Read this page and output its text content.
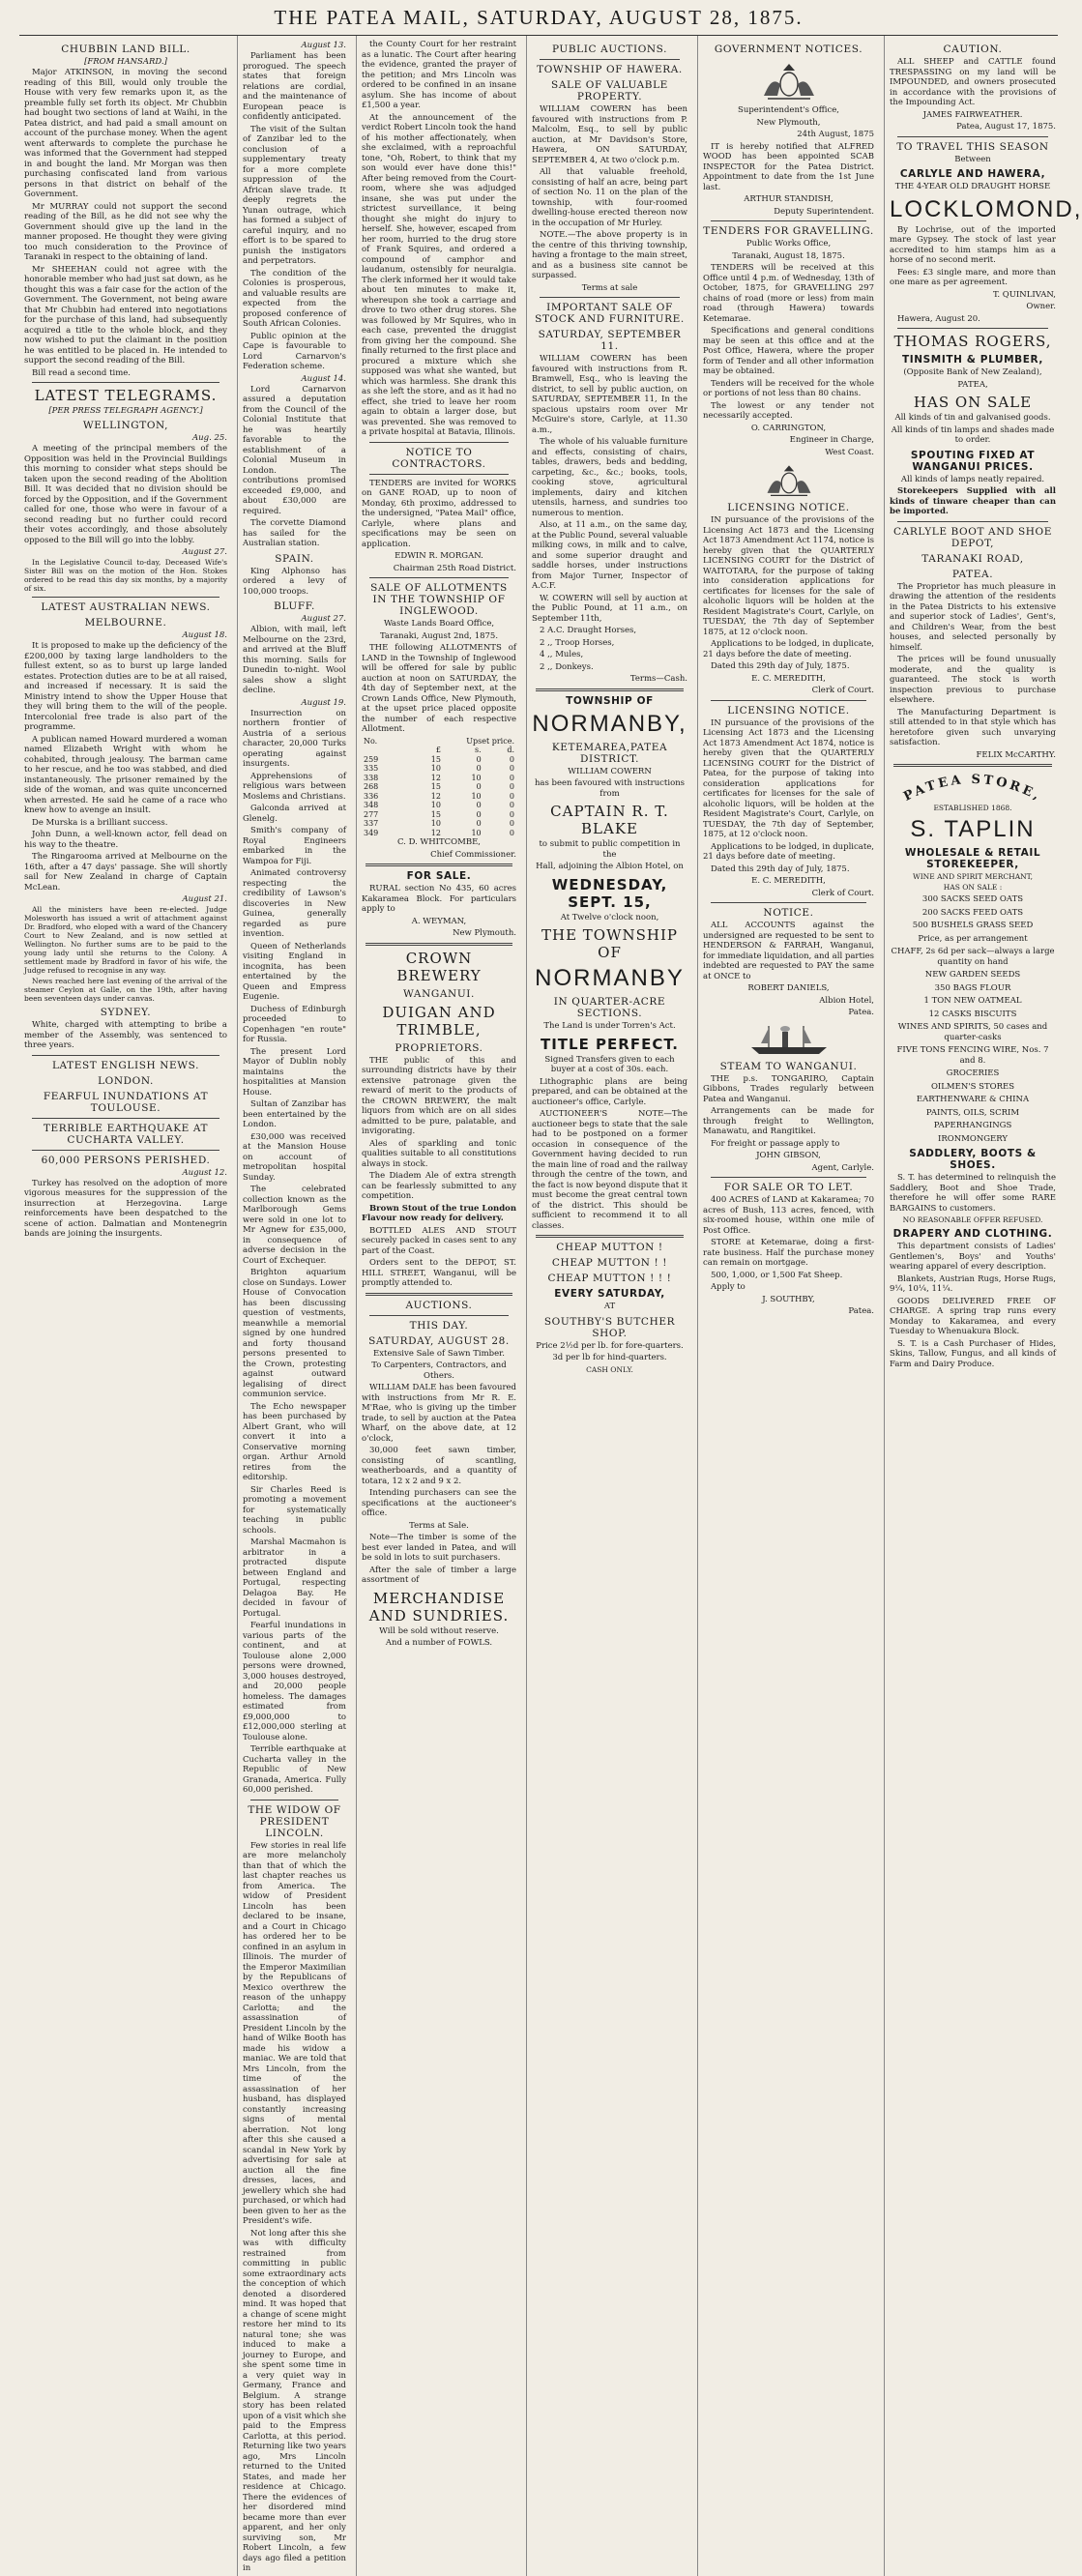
THE PATEA MAIL, SATURDAY, AUGUST 28, 1875.
CHUBBIN LAND BILL.
[FROM HANSARD.]

Major ATKINSON, in moving the second reading of this Bill, would only trouble the House with very few remarks upon it, as the preamble fully set forth its object. Mr Chubbin had bought two sections of land at Waihi, in the Patea district, and had paid a small amount on account of the purchase money. When the agent went afterwards to complete the purchase he was informed that the Government had stepped in and bought the land. Mr Morgan was then purchasing confiscated land from various persons in that district on behalf of the Government.

Mr MURRAY could not support the second reading of the Bill, as he did not see why the Government should give up the land in the manner proposed. He thought they were giving too much consideration to the Province of Taranaki in respect to the obtaining of land.

Mr SHEEHAN could not agree with the honorable member who had just sat down, as he thought this was a fair case for the action of the Government. The Government, not being aware that Mr Chubbin had entered into negotiations for the purchase of this land, had subsequently acquired a title to the whole block, and they now wished to put the claimant in the position he was entitled to be placed in. He intended to support the second reading of the Bill.

Bill read a second time.

LATEST TELEGRAMS.
[PER PRESS TELEGRAPH AGENCY.]
WELLINGTON,
Aug. 25.

A meeting of the principal members of the Opposition was held in the Provincial Buildings this morning to consider what steps should be taken upon the second reading of the Abolition Bill. It was decided that no division should be forced by the Opposition, and if the Government called for one, those who were in favour of a second reading but no further could record their votes accordingly, and those absolutely opposed to the Bill will go into the lobby.

August 27.

In the Legislative Council to-day, Deceased Wife's Sister Bill was on the motion of the Hon. Stokes ordered to be read this day six months, by a majority of six.

LATEST AUSTRALIAN NEWS.
MELBOURNE.
August 18.

It is proposed to make up the deficiency of the £200,000 by taxing large landholders to the fullest extent, so as to burst up large landed estates. Protection duties are to be at all raised, and increased if necessary. It is said the Ministry intend to show the Upper House that they will bring them to the will of the people. Intercolonial free trade is also part of the programme.

A publican named Howard murdered a woman named Elizabeth Wright with whom he cohabited, through jealousy. The barman came to her rescue, and he too was stabbed, and died instantaneously. The prisoner remained by the side of the woman, and was quite unconcerned when arrested. He said he came of a race who knew how to avenge an insult.

De Murska is a brilliant success.

John Dunn, a well-known actor, fell dead on his way to the theatre.

The Ringarooma arrived at Melbourne on the 16th, after a 47 days' passage. She will shortly sail for New Zealand in charge of Captain McLean.

August 21.

All the ministers have been re-elected. Judge Molesworth has issued a writ of attachment against Dr. Bradford, who eloped with a ward of the Chancery Court to New Zealand, and is now settled at Wellington. No further sums are to be paid to the young lady until she returns to the Colony. A settlement made by Bradford in favor of his wife, the Judge refused to recognise in any way.

News reached here last evening of the arrival of the steamer Ceylon at Galle, on the 19th, after having been seventeen days under canvas.

SYDNEY.

White, charged with attempting to bribe a member of the Assembly, was sentenced to three years.

LATEST ENGLISH NEWS.
LONDON.
FEARFUL INUNDATIONS AT TOULOUSE.
TERRIBLE EARTHQUAKE AT CUCHARTA VALLEY.
60,000 PERSONS PERISHED.
August 12.

Turkey has resolved on the adoption of more vigorous measures for the suppression of the insurrection at Herzegovina. Large reinforcements have been despatched to the scene of action. Dalmatian and Montenegrin bands are joining the insurgents.

August 13.

Parliament has been prorogued. The speech states that foreign relations are cordial, and the maintenance of European peace is confidently anticipated.

The visit of the Sultan of Zanzibar led to the conclusion of a supplementary treaty for a more complete suppression of the African slave trade. It deeply regrets the Yunan outrage, which has formed a subject of careful inquiry, and no effort is to be spared to punish the instigators and perpetrators.

The condition of the Colonies is prosperous, and valuable results are expected from the proposed conference of South African Colonies.

Public opinion at the Cape is favourable to Lord Carnarvon's Federation scheme.

August 14.

Lord Carnarvon assured a deputation from the Council of the Colonial Institute that he was heartily favorable to the establishment of a Colonial Museum in London. The contributions promised exceeded £9,000, and about £30,000 are required.

The corvette Diamond has sailed for the Australian station.

SPAIN.

King Alphonso has ordered a levy of 100,000 troops.

BLUFF.
August 27.

Albion, with mail, left Melbourne on the 23rd, and arrived at the Bluff this morning. Sails for Dunedin to-night. Wool sales show a slight decline.

August 19.

Insurrection on northern frontier of Austria of a serious character, 20,000 Turks operating against insurgents.

Apprehensions of religious wars between Moslems and Christians.

Galconda arrived at Glenelg.

Smith's company of Royal Engineers embarked in the Wampoa for Fiji.

Animated controversy respecting the credibility of Lawson's discoveries in New Guinea, generally regarded as pure invention.

Queen of Netherlands visiting England in incognita, has been entertained by the Queen and Empress Eugenie.

Duchess of Edinburgh proceeded to Copenhagen "en route" for Russia.

The present Lord Mayor of Dublin nobly maintains the hospitalities at Mansion House.

Sultan of Zanzibar has been entertained by the London.

£30,000 was received at the Mansion House on account of metropolitan hospital Sunday.

The celebrated collection known as the Marlborough Gems were sold in one lot to Mr Agnew for £35,000, in consequence of adverse decision in the Court of Exchequer.

Brighton aquarium close on Sundays. Lower House of Convocation has been discussing question of vestments, meanwhile a memorial signed by one hundred and forty thousand persons presented to the Crown, protesting against outward legalising of direct communion service.

The Echo newspaper has been purchased by Albert Grant, who will convert it into a Conservative morning organ. Arthur Arnold retires from the editorship.

Sir Charles Reed is promoting a movement for systematically teaching in public schools.

Marshal Macmahon is arbitrator in a protracted dispute between England and Portugal, respecting Delagoa Bay. He decided in favour of Portugal.

Fearful inundations in various parts of the continent, and at Toulouse alone 2,000 persons were drowned, 3,000 houses destroyed, and 20,000 people homeless. The damages estimated from £9,000,000 to £12,000,000 sterling at Toulouse alone.

Terrible earthquake at Cucharta valley in the Republic of New Granada, America. Fully 60,000 perished.

THE WIDOW OF PRESIDENT LINCOLN.

Few stories in real life are more melancholy than that of which the last chapter reaches us from America. The widow of President Lincoln has been declared to be insane, and a Court in Chicago has ordered her to be confined in an asylum in Illinois. The murder of the Emperor Maximilian by the Republicans of Mexico overthrew the reason of the unhappy Carlotta; and the assassination of President Lincoln by the hand of Wilke Booth has made his widow a maniac. We are told that Mrs Lincoln, from the time of the assassination of her husband, has displayed constantly increasing signs of mental aberration. Not long after this she caused a scandal in New York by advertising for sale at auction all the fine dresses, laces, and jewellery which she had purchased, or which had been given to her as the President's wife.

Not long after this she was with difficulty restrained from committing in public some extraordinary acts the conception of which denoted a disordered mind. It was hoped that a change of scene might restore her mind to its natural tone; she was induced to make a journey to Europe, and she spent some time in a very quiet way in Germany, France and Belgium. A strange story has been related upon of a visit which she paid to the Empress Carlotta, at this period. Returning like two years ago, Mrs Lincoln returned to the United States, and made her residence at Chicago. There the evidences of her disordered mind became more than ever apparent, and her only surviving son, Mr Robert Lincoln, a few days ago filed a petition in

the County Court for her restraint as a lunatic. The Court after hearing the evidence, granted the prayer of the petition; and Mrs Lincoln was ordered to be confined in an insane asylum. She has income of about £1,500 a year.

At the announcement of the verdict Robert Lincoln took the hand of his mother affectionately, when she exclaimed, with a reproachful tone, "Oh, Robert, to think that my son would ever have done this!" After being removed from the Court-room, where she was adjudged insane, she was put under the strictest surveillance, it being thought she might do injury to herself. She, however, escaped from her room, hurried to the drug store of Frank Squires, and ordered a compound of camphor and laudanum, ostensibly for neuralgia. The clerk informed her it would take about ten minutes to make it, whereupon she took a carriage and drove to two other drug stores. She was followed by Mr Squires, who in each case, prevented the druggist from giving her the compound. She finally returned to the first place and procured a mixture which she supposed was what she wanted, but which was harmless. She drank this as she left the store, and as it had no effect, she tried to leave her room again to obtain a larger dose, but was prevented. She was removed to a private hospital at Batavia, Illinois.

NOTICE TO CONTRACTORS.

TENDERS are invited for WORKS on GANE ROAD, up to noon of Monday, 6th proximo, addressed to the undersigned, "Patea Mail" office, Carlyle, where plans and specifications may be seen on application.

EDWIN R. MORGAN.

Chairman 25th Road District.

SALE OF ALLOTMENTS IN THE TOWNSHIP OF INGLEWOOD.

Waste Lands Board Office,

Taranaki, August 2nd, 1875.

THE following ALLOTMENTS of LAND in the Township of Inglewood will be offered for sale by public auction at noon on SATURDAY, the 4th day of September next, at the Crown Lands Office, New Plymouth, at the upset price placed opposite the number of each respective Allotment.

No.	Upset price.		
	£	s.	d.
259	15	0	0
335	10	0	0
338	12	10	0
268	15	0	0
336	12	10	0
348	10	0	0
277	15	0	0
337	10	0	0
349	12	10	0

C. D. WHITCOMBE,

Chief Commissioner.

FOR SALE.

RURAL section No 435, 60 acres Kakaramea Block. For particulars apply to

A. WEYMAN,

New Plymouth.

CROWN BREWERY
WANGANUI.
DUIGAN AND TRIMBLE,
PROPRIETORS.

THE public of this and surrounding districts have by their extensive patronage given the reward of merit to the products of the CROWN BREWERY, the malt liquors from which are on all sides admitted to be pure, palatable, and invigorating.

Ales of sparkling and tonic qualities suitable to all constitutions always in stock.

The Diadem Ale of extra strength can be fearlessly submitted to any competition.

Brown Stout of the true London Flavour now ready for delivery.

BOTTLED ALES AND STOUT securely packed in cases sent to any part of the Coast.

Orders sent to the DEPOT, ST. HILL STREET, Wanganui, will be promptly attended to.

AUCTIONS.
THIS DAY.
SATURDAY, AUGUST 28.

Extensive Sale of Sawn Timber.

To Carpenters, Contractors, and Others.

WILLIAM DALE has been favoured with instructions from Mr R. E. M'Rae, who is giving up the timber trade, to sell by auction at the Patea Wharf, on the above date, at 12 o'clock,

30,000 feet sawn timber, consisting of scantling, weatherboards, and a quantity of totara, 12 x 2 and 9 x 2.

Intending purchasers can see the specifications at the auctioneer's office.

Terms at Sale.

Note—The timber is some of the best ever landed in Patea, and will be sold in lots to suit purchasers.

After the sale of timber a large assortment of

MERCHANDISE AND SUNDRIES.

Will be sold without reserve.

And a number of FOWLS.

PUBLIC AUCTIONS.
TOWNSHIP OF HAWERA.
SALE OF VALUABLE PROPERTY.

WILLIAM COWERN has been favoured with instructions from P. Malcolm, Esq., to sell by public auction, at Mr Davidson's Store, Hawera, ON SATURDAY, SEPTEMBER 4, At two o'clock p.m.

All that valuable freehold, consisting of half an acre, being part of section No. 11 on the plan of the township, with four-roomed dwelling-house erected thereon now in the occupation of Mr Hurley.

NOTE.—The above property is in the centre of this thriving township, having a frontage to the main street, and as a business site cannot be surpassed.

Terms at sale

IMPORTANT SALE OF STOCK AND FURNITURE.
SATURDAY, SEPTEMBER 11.

WILLIAM COWERN has been favoured with instructions from R. Bramwell, Esq., who is leaving the district, to sell by public auction, on SATURDAY, SEPTEMBER 11, In the spacious upstairs room over Mr McGuire's store, Carlyle, at 11.30 a.m.,

The whole of his valuable furniture and effects, consisting of chairs, tables, drawers, beds and bedding, carpeting, &c., &c.; books, tools, cooking stove, agricultural implements, dairy and kitchen utensils, harness, and sundries too numerous to mention.

Also, at 11 a.m., on the same day, at the Public Pound, several valuable milking cows, in milk and to calve, and some superior draught and saddle horses, under instructions from Major Turner, Inspector of A.C.F.

W. COWERN will sell by auction at the Public Pound, at 11 a.m., on September 11th,

2 A.C. Draught Horses,

2 ,, Troop Horses,

4 ,, Mules,

2 ,, Donkeys.

Terms—Cash.

TOWNSHIP OF
NORMANBY,
KETEMAREA,PATEA DISTRICT.

WILLIAM COWERN

has been favoured with instructions from

CAPTAIN R. T. BLAKE

to submit to public competition in the

Hall, adjoining the Albion Hotel, on

WEDNESDAY, SEPT. 15,

At Twelve o'clock noon,

THE TOWNSHIP OF
NORMANBY
IN QUARTER-ACRE SECTIONS.

The Land is under Torren's Act.

TITLE PERFECT.

Signed Transfers given to each buyer at a cost of 30s. each.

Lithographic plans are being prepared, and can be obtained at the auctioneer's office, Carlyle.

AUCTIONEER'S NOTE—The auctioneer begs to state that the sale had to be postponed on a former occasion in consequence of the Government having decided to run the main line of road and the railway through the centre of the town, and the fact is now beyond dispute that it must become the great central town of the district. This should be sufficient to recommend it to all classes.

CHEAP MUTTON !
CHEAP MUTTON ! !
CHEAP MUTTON ! ! !
EVERY SATURDAY,

AT

SOUTHBY'S BUTCHER SHOP.

Price 2½d per lb. for fore-quarters.

3d per lb for hind-quarters.

CASH ONLY.

GOVERNMENT NOTICES.

Superintendent's Office,

New Plymouth,

24th August, 1875

IT is hereby notified that ALFRED WOOD has been appointed SCAB INSPECTOR for the Patea District. Appointment to date from the 1st June last.

ARTHUR STANDISH,

Deputy Superintendent.

TENDERS FOR GRAVELLING.

Public Works Office,

Taranaki, August 18, 1875.

TENDERS will be received at this Office until 4 p.m. of Wednesday, 13th of October, 1875, for GRAVELLING 297 chains of road (more or less) from main road (through Hawera) towards Ketemarae.

Specifications and general conditions may be seen at this office and at the Post Office, Hawera, where the proper form of Tender and all other information may be obtained.

Tenders will be received for the whole or portions of not less than 80 chains.

The lowest or any tender not necessarily accepted.

O. CARRINGTON,

Engineer in Charge,

West Coast.

LICENSING NOTICE.

IN pursuance of the provisions of the Licensing Act 1873 and the Licensing Act 1873 Amendment Act 1174, notice is hereby given that the QUARTERLY LICENSING COURT for the District of WAITOTARA, for the purpose of taking into consideration applications for certificates for licenses for the sale of alcoholic liquors will be holden at the Resident Magistrate's Court, Carlyle, on TUESDAY, the 7th day of September 1875, at 12 o'clock noon.

Applications to be lodged, in duplicate, 21 days before the date of meeting.

Dated this 29th day of July, 1875.

E. C. MEREDITH,

Clerk of Court.

LICENSING NOTICE.

IN pursuance of the provisions of the Licensing Act 1873 and the Licensing Act 1873 Amendment Act 1874, notice is hereby given that the QUARTERLY LICENSING COURT for the District of Patea, for the purpose of taking into consideration applications for certificates for licenses for the sale of alcoholic liquors, will be holden at the Resident Magistrate's Court, Carlyle, on TUESDAY, the 7th day of September, 1875, at 12 o'clock noon.

Applications to be lodged, in duplicate, 21 days before date of meeting.

Dated this 29th day of July, 1875.

E. C. MEREDITH,

Clerk of Court.

NOTICE.

ALL ACCOUNTS against the undersigned are requested to be sent to HENDERSON & FARRAH, Wanganui, for immediate liquidation, and all parties indebted are requested to PAY the same at ONCE to

ROBERT DANIELS,

Albion Hotel,

Patea.

STEAM TO WANGANUI.

THE p.s. TONGARIRO, Captain Gibbons, Trades regularly between Patea and Wanganui.

Arrangements can be made for through freight to Wellington, Manawatu, and Rangitikei.

For freight or passage apply to

JOHN GIBSON,

Agent, Carlyle.

FOR SALE OR TO LET.

400 ACRES of LAND at Kakaramea; 70 acres of Bush, 113 acres, fenced, with six-roomed house, within one mile of Post Office.

STORE at Ketemarae, doing a first-rate business. Half the purchase money can remain on mortgage.

500, 1,000, or 1,500 Fat Sheep.

Apply to

J. SOUTHBY,

Patea.

CAUTION.

ALL SHEEP and CATTLE found TRESPASSING on my land will be IMPOUNDED, and owners prosecuted in accordance with the provisions of the Impounding Act.

JAMES FAIRWEATHER.

Patea, August 17, 1875.

TO TRAVEL THIS SEASON

Between

CARLYLE AND HAWERA,

THE 4-YEAR OLD DRAUGHT HORSE

LOCKLOMOND,

By Lochrise, out of the imported mare Gypsey. The stock of last year accredited to him stamps him as a horse of no second merit.

Fees: £3 single mare, and more than one mare as per agreement.

T. QUINLIVAN,

Owner.

Hawera, August 20.

THOMAS ROGERS,
TINSMITH & PLUMBER,

(Opposite Bank of New Zealand),

PATEA,

HAS ON SALE

All kinds of tin and galvanised goods.

All kinds of tin lamps and shades made to order.

SPOUTING FIXED AT WANGANUI PRICES.

All kinds of lamps neatly repaired.

Storekeepers Supplied with all kinds of tinware cheaper than can be imported.

CARLYLE BOOT AND SHOE DEPOT,
TARANAKI ROAD,
PATEA.

The Proprietor has much pleasure in drawing the attention of the residents in the Patea Districts to his extensive and superior stock of Ladies', Gent's, and Children's Wear, from the best houses, and selected personally by himself.

The prices will be found unusually moderate, and the quality is guaranteed. The stock is worth inspection previous to purchase elsewhere.

The Manufacturing Department is still attended to in that style which has heretofore given such unvarying satisfaction.

FELIX McCARTHY.

PATEA STORE,

ESTABLISHED 1868.

S. TAPLIN
WHOLESALE & RETAIL STOREKEEPER,

WINE AND SPIRIT MERCHANT,

HAS ON SALE :

300 SACKS SEED OATS

200 SACKS FEED OATS

500 BUSHELS GRASS SEED

Price, as per arrangement

CHAFF, 2s 6d per sack—always a large quantity on hand

NEW GARDEN SEEDS

350 BAGS FLOUR

1 TON NEW OATMEAL

12 CASKS BISCUITS

WINES AND SPIRITS, 50 cases and quarter-casks

FIVE TONS FENCING WIRE, Nos. 7 and 8.

GROCERIES

OILMEN'S STORES

EARTHENWARE & CHINA

PAINTS, OILS, SCRIM

PAPERHANGINGS

IRONMONGERY

SADDLERY, BOOTS & SHOES.

S. T. has determined to relinquish the Saddlery, Boot and Shoe Trade, therefore he will offer some RARE BARGAINS to customers.

NO REASONABLE OFFER REFUSED.

DRAPERY AND CLOTHING.

This department consists of Ladies' Gentlemen's, Boys' and Youths' wearing apparel of every description.

Blankets, Austrian Rugs, Horse Rugs, 9¼, 10¼, 11¼.

GOODS DELIVERED FREE OF CHARGE. A spring trap runs every Monday to Kakaramea, and every Tuesday to Whenuakura Block.

S. T. is a Cash Purchaser of Hides, Skins, Tallow, Fungus, and all kinds of Farm and Dairy Produce.
